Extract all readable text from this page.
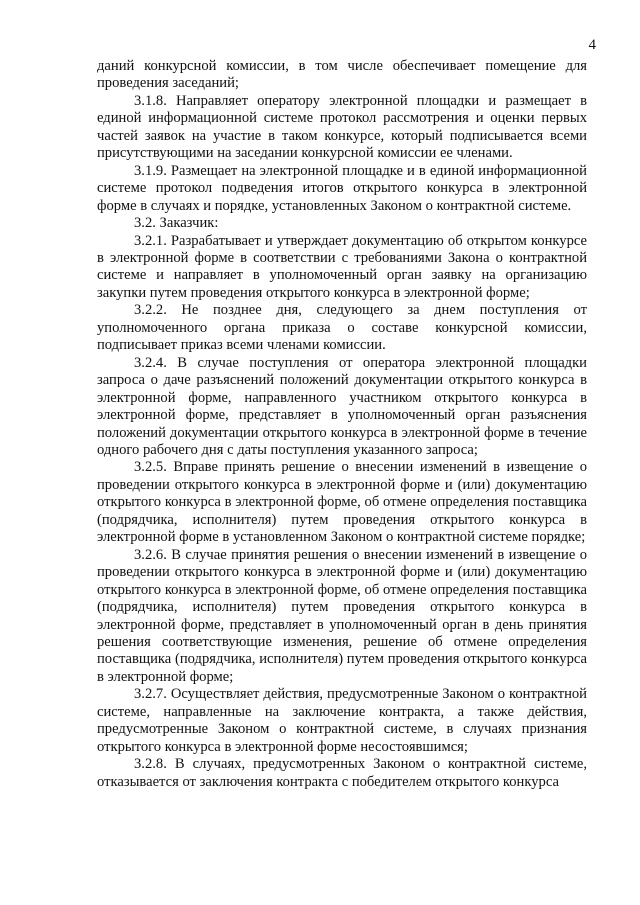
4

даний конкурсной комиссии, в том числе обеспечивает помещение для проведения заседаний;

3.1.8. Направляет оператору электронной площадки и размещает в единой информационной системе протокол рассмотрения и оценки первых частей заявок на участие в таком конкурсе, который подписывается всеми присутствующими на заседании конкурсной комиссии ее членами.

3.1.9. Размещает на электронной площадке и в единой информационной системе протокол подведения итогов открытого конкурса в электронной форме в случаях и порядке, установленных Законом о контрактной системе.

3.2. Заказчик:

3.2.1. Разрабатывает и утверждает документацию об открытом конкурсе в электронной форме в соответствии с требованиями Закона о контрактной системе и направляет в уполномоченный орган заявку на организацию закупки путем проведения открытого конкурса в электронной форме;

3.2.2. Не позднее дня, следующего за днем поступления от уполномоченного органа приказа о составе конкурсной комиссии, подписывает приказ всеми членами комиссии.

3.2.4. В случае поступления от оператора электронной площадки запроса о даче разъяснений положений документации открытого конкурса в электронной форме, направленного участником открытого конкурса в электронной форме, представляет в уполномоченный орган разъяснения положений документации открытого конкурса в электронной форме в течение одного рабочего дня с даты поступления указанного запроса;

3.2.5. Вправе принять решение о внесении изменений в извещение о проведении открытого конкурса в электронной форме и (или) документацию открытого конкурса в электронной форме, об отмене определения поставщика (подрядчика, исполнителя) путем проведения открытого конкурса в электронной форме в установленном Законом о контрактной системе порядке;

3.2.6. В случае принятия решения о внесении изменений в извещение о проведении открытого конкурса в электронной форме и (или) документацию открытого конкурса в электронной форме, об отмене определения поставщика (подрядчика, исполнителя) путем проведения открытого конкурса в электронной форме, представляет в уполномоченный орган в день принятия решения соответствующие изменения, решение об отмене определения поставщика (подрядчика, исполнителя) путем проведения открытого конкурса в электронной форме;

3.2.7. Осуществляет действия, предусмотренные Законом о контрактной системе, направленные на заключение контракта, а также действия, предусмотренные Законом о контрактной системе, в случаях признания открытого конкурса в электронной форме несостоявшимся;

3.2.8. В случаях, предусмотренных Законом о контрактной системе, отказывается от заключения контракта с победителем открытого конкурса
